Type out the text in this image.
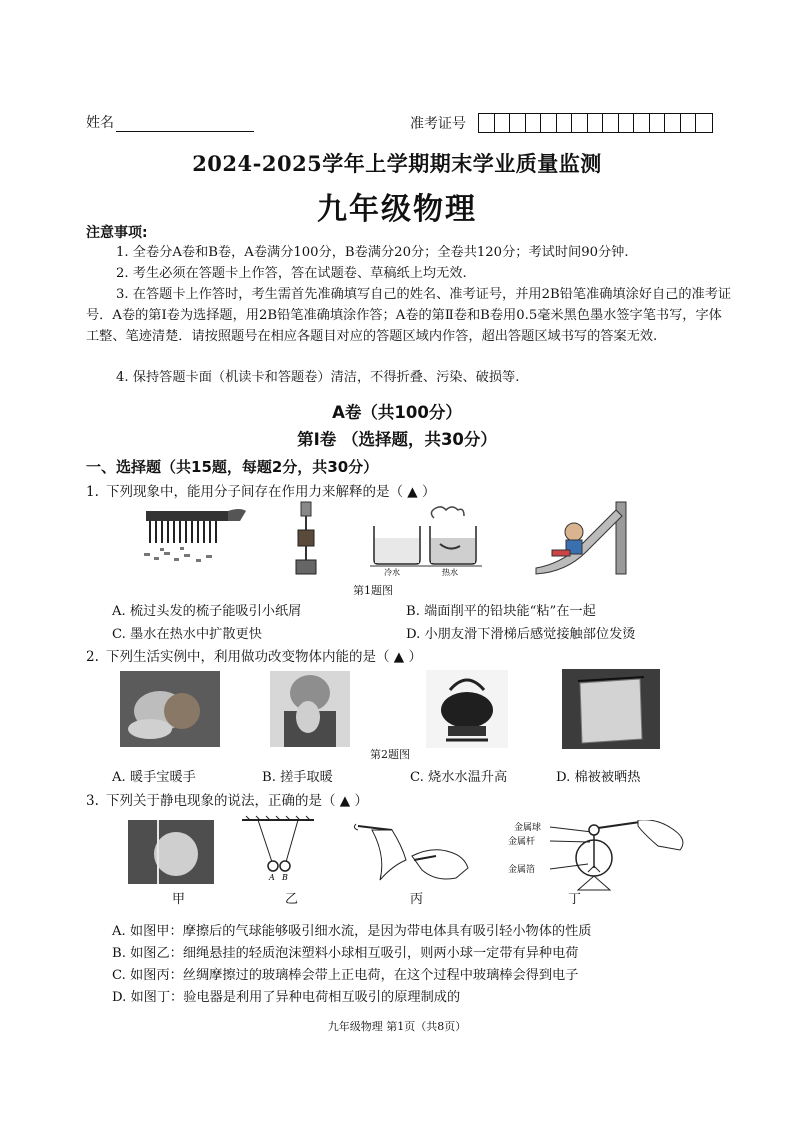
姓名	准考证号
2024-2025学年上学期期末学业质量监测
九年级物理
注意事项:
1. 全卷分A卷和B卷，A卷满分100分，B卷满分20分；全卷共120分；考试时间90分钟.
2. 考生必须在答题卡上作答，答在试题卷、草稿纸上均无效.
3. 在答题卡上作答时，考生需首先准确填写自己的姓名、准考证号，并用2B铅笔准确填涂好自己的准考证号．A卷的第Ⅰ卷为选择题，用2B铅笔准确填涂作答；A卷的第Ⅱ卷和B卷用0.5毫米黑色墨水签字笔书写，字体工整、笔迹清楚．请按照题号在相应各题目对应的答题区域内作答，超出答题区域书写的答案无效.
4. 保持答题卡面（机读卡和答题卷）清洁，不得折叠、污染、破损等.
A卷（共100分）
第I卷 （选择题，共30分）
一、选择题（共15题，每题2分，共30分）
1. 下列现象中，能用分子间存在作用力来解释的是（ ▲ ）
冷水	热水
第1题图
A. 梳过头发的梳子能吸引小纸屑	B. 端面削平的铅块能“粘”在一起
C. 墨水在热水中扩散更快	D. 小朋友滑下滑梯后感觉接触部位发烫
2. 下列生活实例中，利用做功改变物体内能的是（ ▲ ）
第2题图
A. 暖手宝暖手	B. 搓手取暖	C. 烧水水温升高	D. 棉被被晒热
3. 下列关于静电现象的说法，正确的是（ ▲ ）
甲
A B
乙	丙
金属球
金属杆
金属箔
丁
A. 如图甲：摩擦后的气球能够吸引细水流，是因为带电体具有吸引轻小物体的性质
B. 如图乙：细绳悬挂的轻质泡沫塑料小球相互吸引，则两小球一定带有异种电荷
C. 如图丙：丝绸摩擦过的玻璃棒会带上正电荷，在这个过程中玻璃棒会得到电子
D. 如图丁：验电器是利用了异种电荷相互吸引的原理制成的
九年级物理 第1页（共8页）
